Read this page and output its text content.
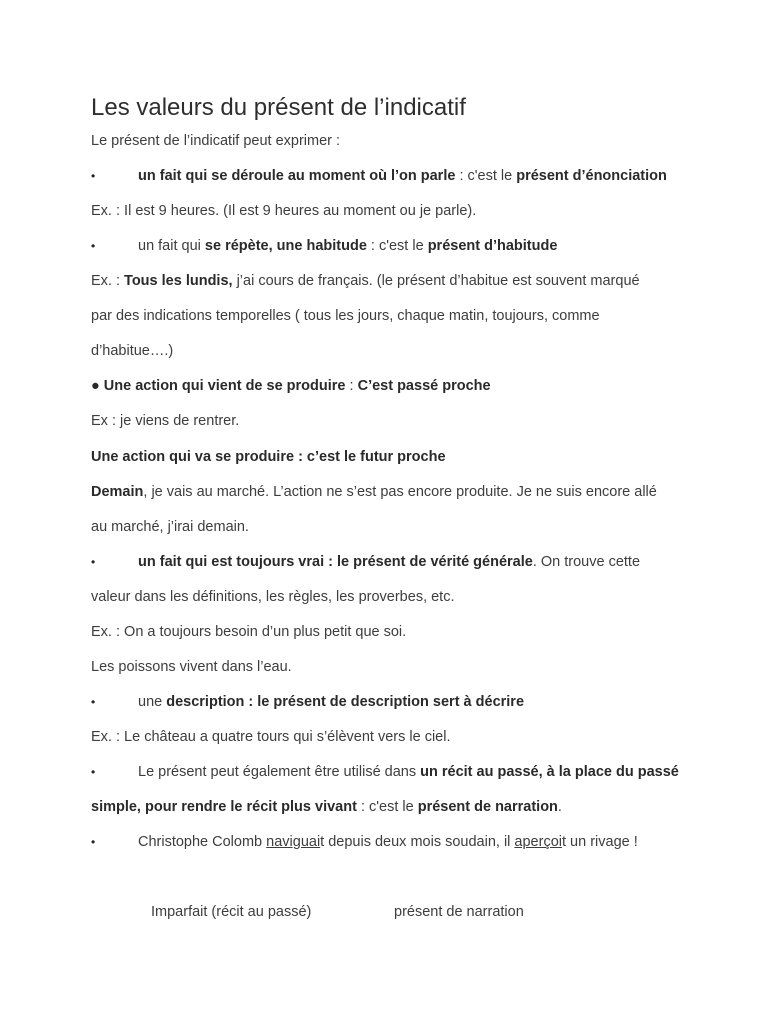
Les valeurs du présent de l’indicatif
Le présent de l’indicatif peut exprimer :
•	un fait qui se déroule au moment où l’on parle : c'est le présent d’énonciation
Ex. : Il est 9 heures. (Il est 9 heures au moment ou je parle).
•	un fait qui se répète, une habitude : c'est le présent d’habitude
Ex. : Tous les lundis, j’ai cours de français. (le présent d’habitue est souvent marqué
par des indications temporelles ( tous les jours, chaque matin, toujours, comme
d’habitue….)
● Une action qui vient de se produire : C’est passé proche
Ex : je viens de rentrer.
Une action qui va se produire : c’est le futur proche
Demain, je vais au marché. L’action ne s’est pas encore produite. Je ne suis encore allé
au marché, j’irai demain.
•	un fait qui est toujours vrai : le présent de vérité générale. On trouve cette
valeur dans les définitions, les règles, les proverbes, etc.
Ex. : On a toujours besoin d’un plus petit que soi.
Les poissons vivent dans l’eau.
•	une description : le présent de description sert à décrire
Ex. : Le château a quatre tours qui s’élèvent vers le ciel.
•	Le présent peut également être utilisé dans un récit au passé, à la place du passé
simple, pour rendre le récit plus vivant : c'est le présent de narration.
•	Christophe Colomb naviguait depuis deux mois soudain, il aperçoit un rivage !
Imparfait (récit au passé)	présent de narration
